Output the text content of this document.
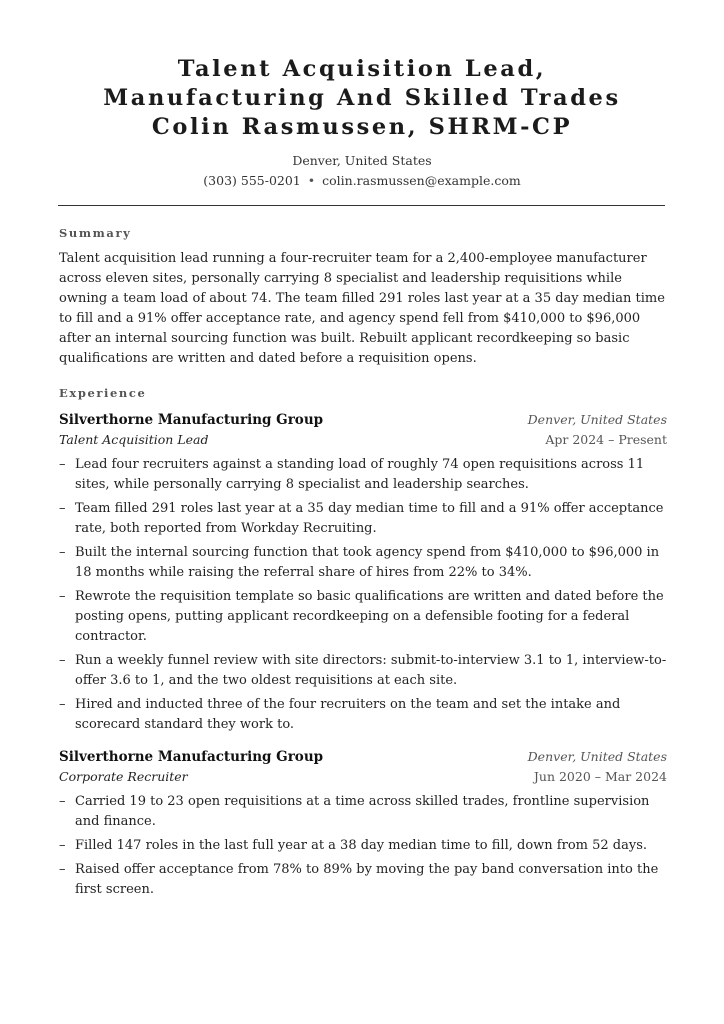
Talent Acquisition Lead,
Manufacturing And Skilled Trades
Colin Rasmussen, SHRM-CP
Denver, United States
(303) 555-0201 • colin.rasmussen@example.com
Summary
Talent acquisition lead running a four-recruiter team for a 2,400-employee manufacturer across eleven sites, personally carrying 8 specialist and leadership requisitions while owning a team load of about 74. The team filled 291 roles last year at a 35 day median time to fill and a 91% offer acceptance rate, and agency spend fell from $410,000 to $96,000 after an internal sourcing function was built. Rebuilt applicant recordkeeping so basic qualifications are written and dated before a requisition opens.
Experience
Silverthorne Manufacturing Group	Denver, United States
Talent Acquisition Lead	Apr 2024 – Present
– Lead four recruiters against a standing load of roughly 74 open requisitions across 11 sites, while personally carrying 8 specialist and leadership searches.
– Team filled 291 roles last year at a 35 day median time to fill and a 91% offer acceptance rate, both reported from Workday Recruiting.
– Built the internal sourcing function that took agency spend from $410,000 to $96,000 in 18 months while raising the referral share of hires from 22% to 34%.
– Rewrote the requisition template so basic qualifications are written and dated before the posting opens, putting applicant recordkeeping on a defensible footing for a federal contractor.
– Run a weekly funnel review with site directors: submit-to-interview 3.1 to 1, interview-to-offer 3.6 to 1, and the two oldest requisitions at each site.
– Hired and inducted three of the four recruiters on the team and set the intake and scorecard standard they work to.
Silverthorne Manufacturing Group	Denver, United States
Corporate Recruiter	Jun 2020 – Mar 2024
– Carried 19 to 23 open requisitions at a time across skilled trades, frontline supervision and finance.
– Filled 147 roles in the last full year at a 38 day median time to fill, down from 52 days.
– Raised offer acceptance from 78% to 89% by moving the pay band conversation into the first screen.
